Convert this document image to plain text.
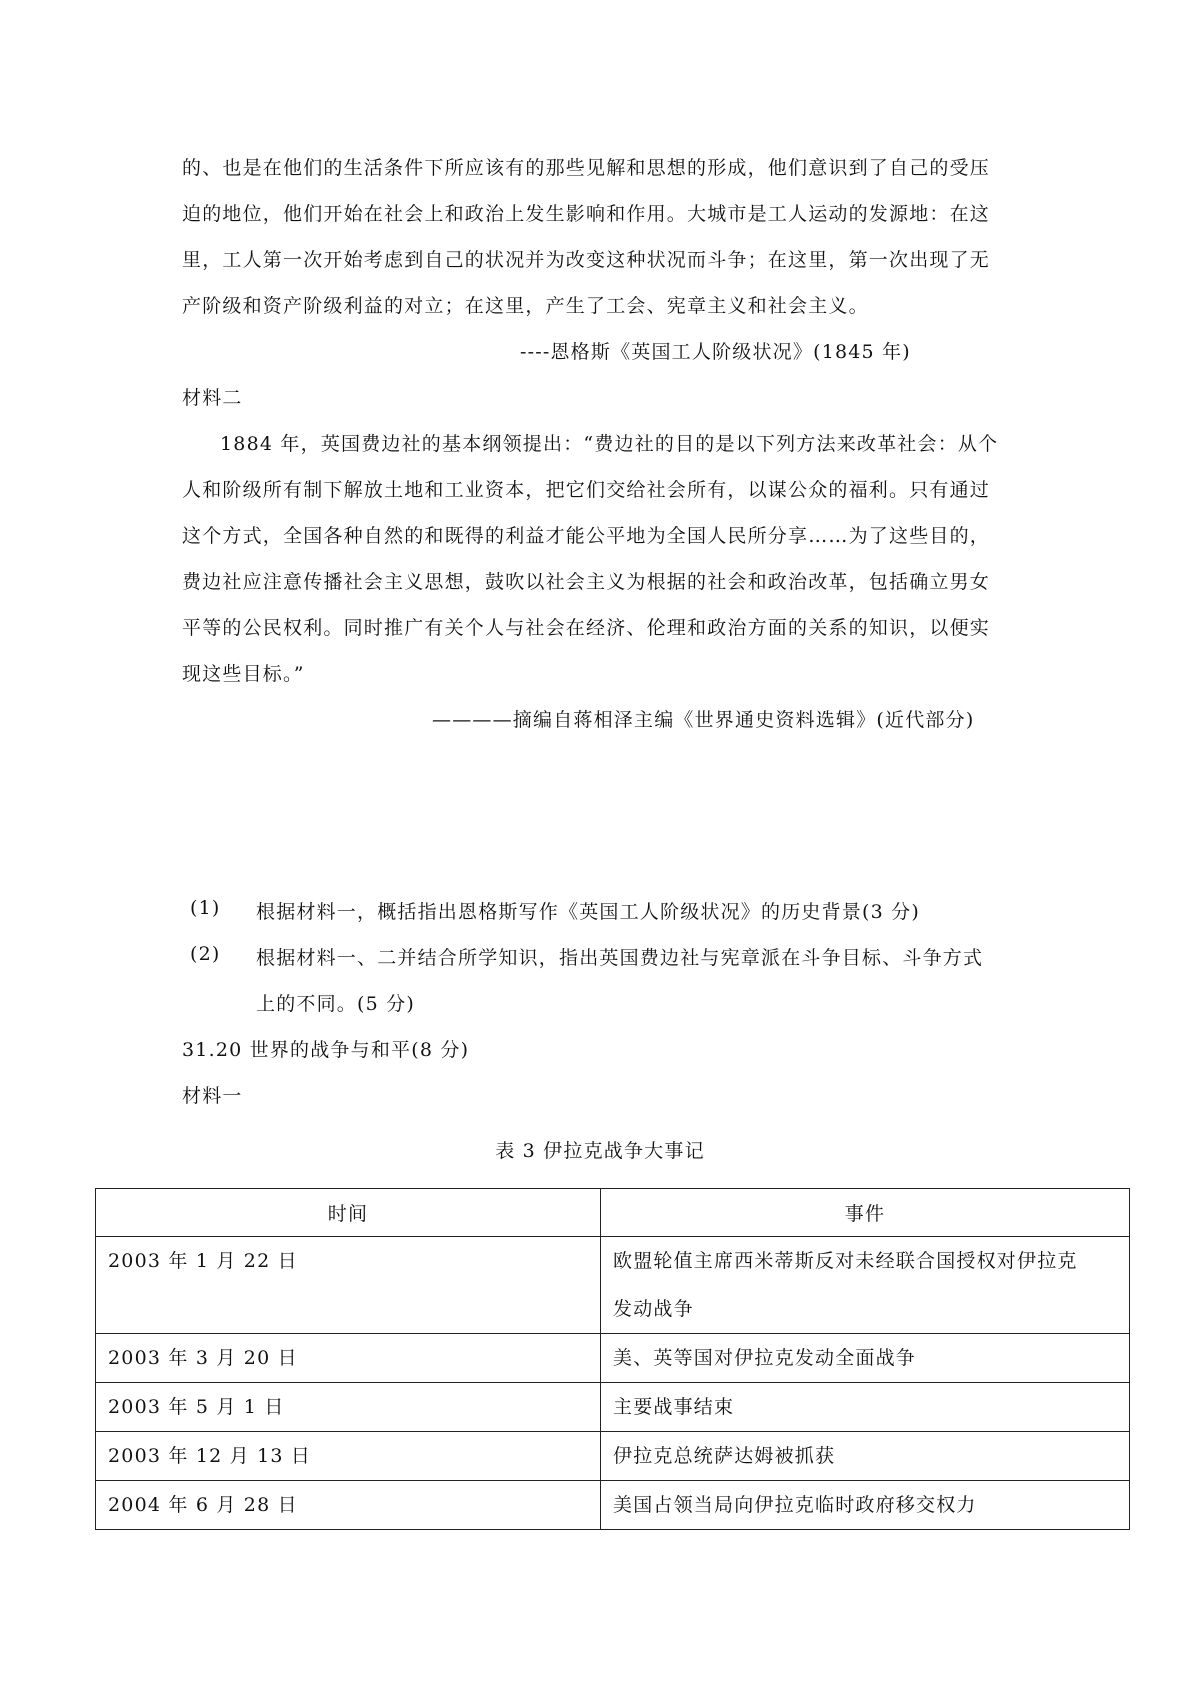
的、也是在他们的生活条件下所应该有的那些见解和思想的形成，他们意识到了自己的受压
迫的地位，他们开始在社会上和政治上发生影响和作用。大城市是工人运动的发源地：在这
里，工人第一次开始考虑到自己的状况并为改变这种状况而斗争；在这里，第一次出现了无
产阶级和资产阶级利益的对立；在这里，产生了工会、宪章主义和社会主义。
----恩格斯《英国工人阶级状况》(1845 年)
材料二
1884 年，英国费边社的基本纲领提出：“费边社的目的是以下列方法来改革社会：从个
人和阶级所有制下解放土地和工业资本，把它们交给社会所有，以谋公众的福利。只有通过
这个方式，全国各种自然的和既得的利益才能公平地为全国人民所分享……为了这些目的，
费边社应注意传播社会主义思想，鼓吹以社会主义为根据的社会和政治改革，包括确立男女
平等的公民权利。同时推广有关个人与社会在经济、伦理和政治方面的关系的知识，以便实
现这些目标。”
————摘编自蒋相泽主编《世界通史资料选辑》(近代部分)
(1) 根据材料一，概括指出恩格斯写作《英国工人阶级状况》的历史背景(3 分)
(2) 根据材料一、二并结合所学知识，指出英国费边社与宪章派在斗争目标、斗争方式
上的不同。(5 分)
31.20 世界的战争与和平(8 分)
材料一
表 3 伊拉克战争大事记
时间	事件
2003 年 1 月 22 日	欧盟轮值主席西米蒂斯反对未经联合国授权对伊拉克
发动战争

2003 年 3 月 20 日	美、英等国对伊拉克发动全面战争
2003 年 5 月 1 日	主要战事结束
2003 年 12 月 13 日	伊拉克总统萨达姆被抓获
2004 年 6 月 28 日	美国占领当局向伊拉克临时政府移交权力
